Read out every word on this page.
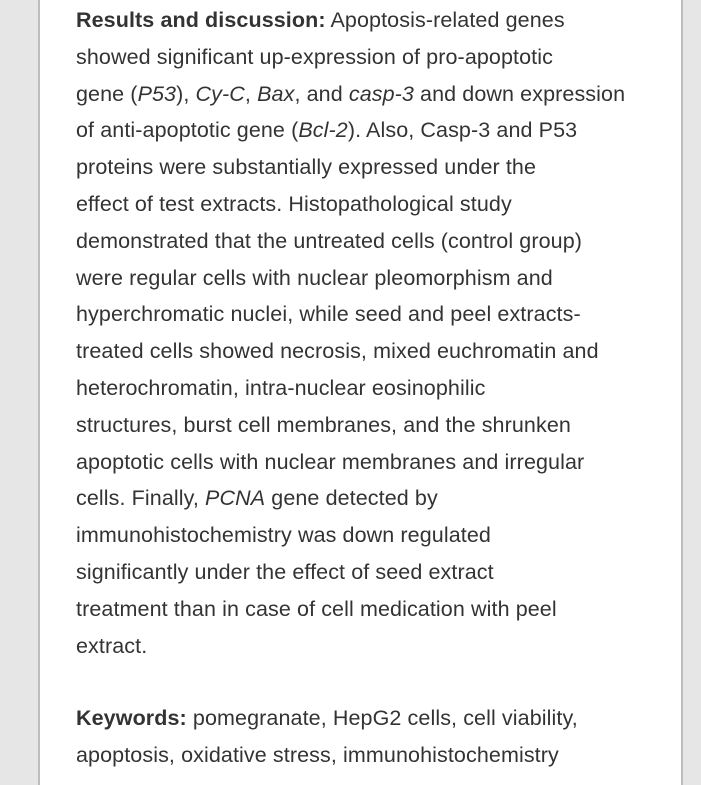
Results and discussion: Apoptosis-related genes
showed significant up-expression of pro-apoptotic
gene (P53), Cy-C, Bax, and casp-3 and down expression
of anti-apoptotic gene (Bcl-2). Also, Casp-3 and P53
proteins were substantially expressed under the
effect of test extracts. Histopathological study
demonstrated that the untreated cells (control group)
were regular cells with nuclear pleomorphism and
hyperchromatic nuclei, while seed and peel extracts-
treated cells showed necrosis, mixed euchromatin and
heterochromatin, intra-nuclear eosinophilic
structures, burst cell membranes, and the shrunken
apoptotic cells with nuclear membranes and irregular
cells. Finally, PCNA gene detected by
immunohistochemistry was down regulated
significantly under the effect of seed extract
treatment than in case of cell medication with peel
extract.

Keywords: pomegranate, HepG2 cells, cell viability,
apoptosis, oxidative stress, immunohistochemistry
